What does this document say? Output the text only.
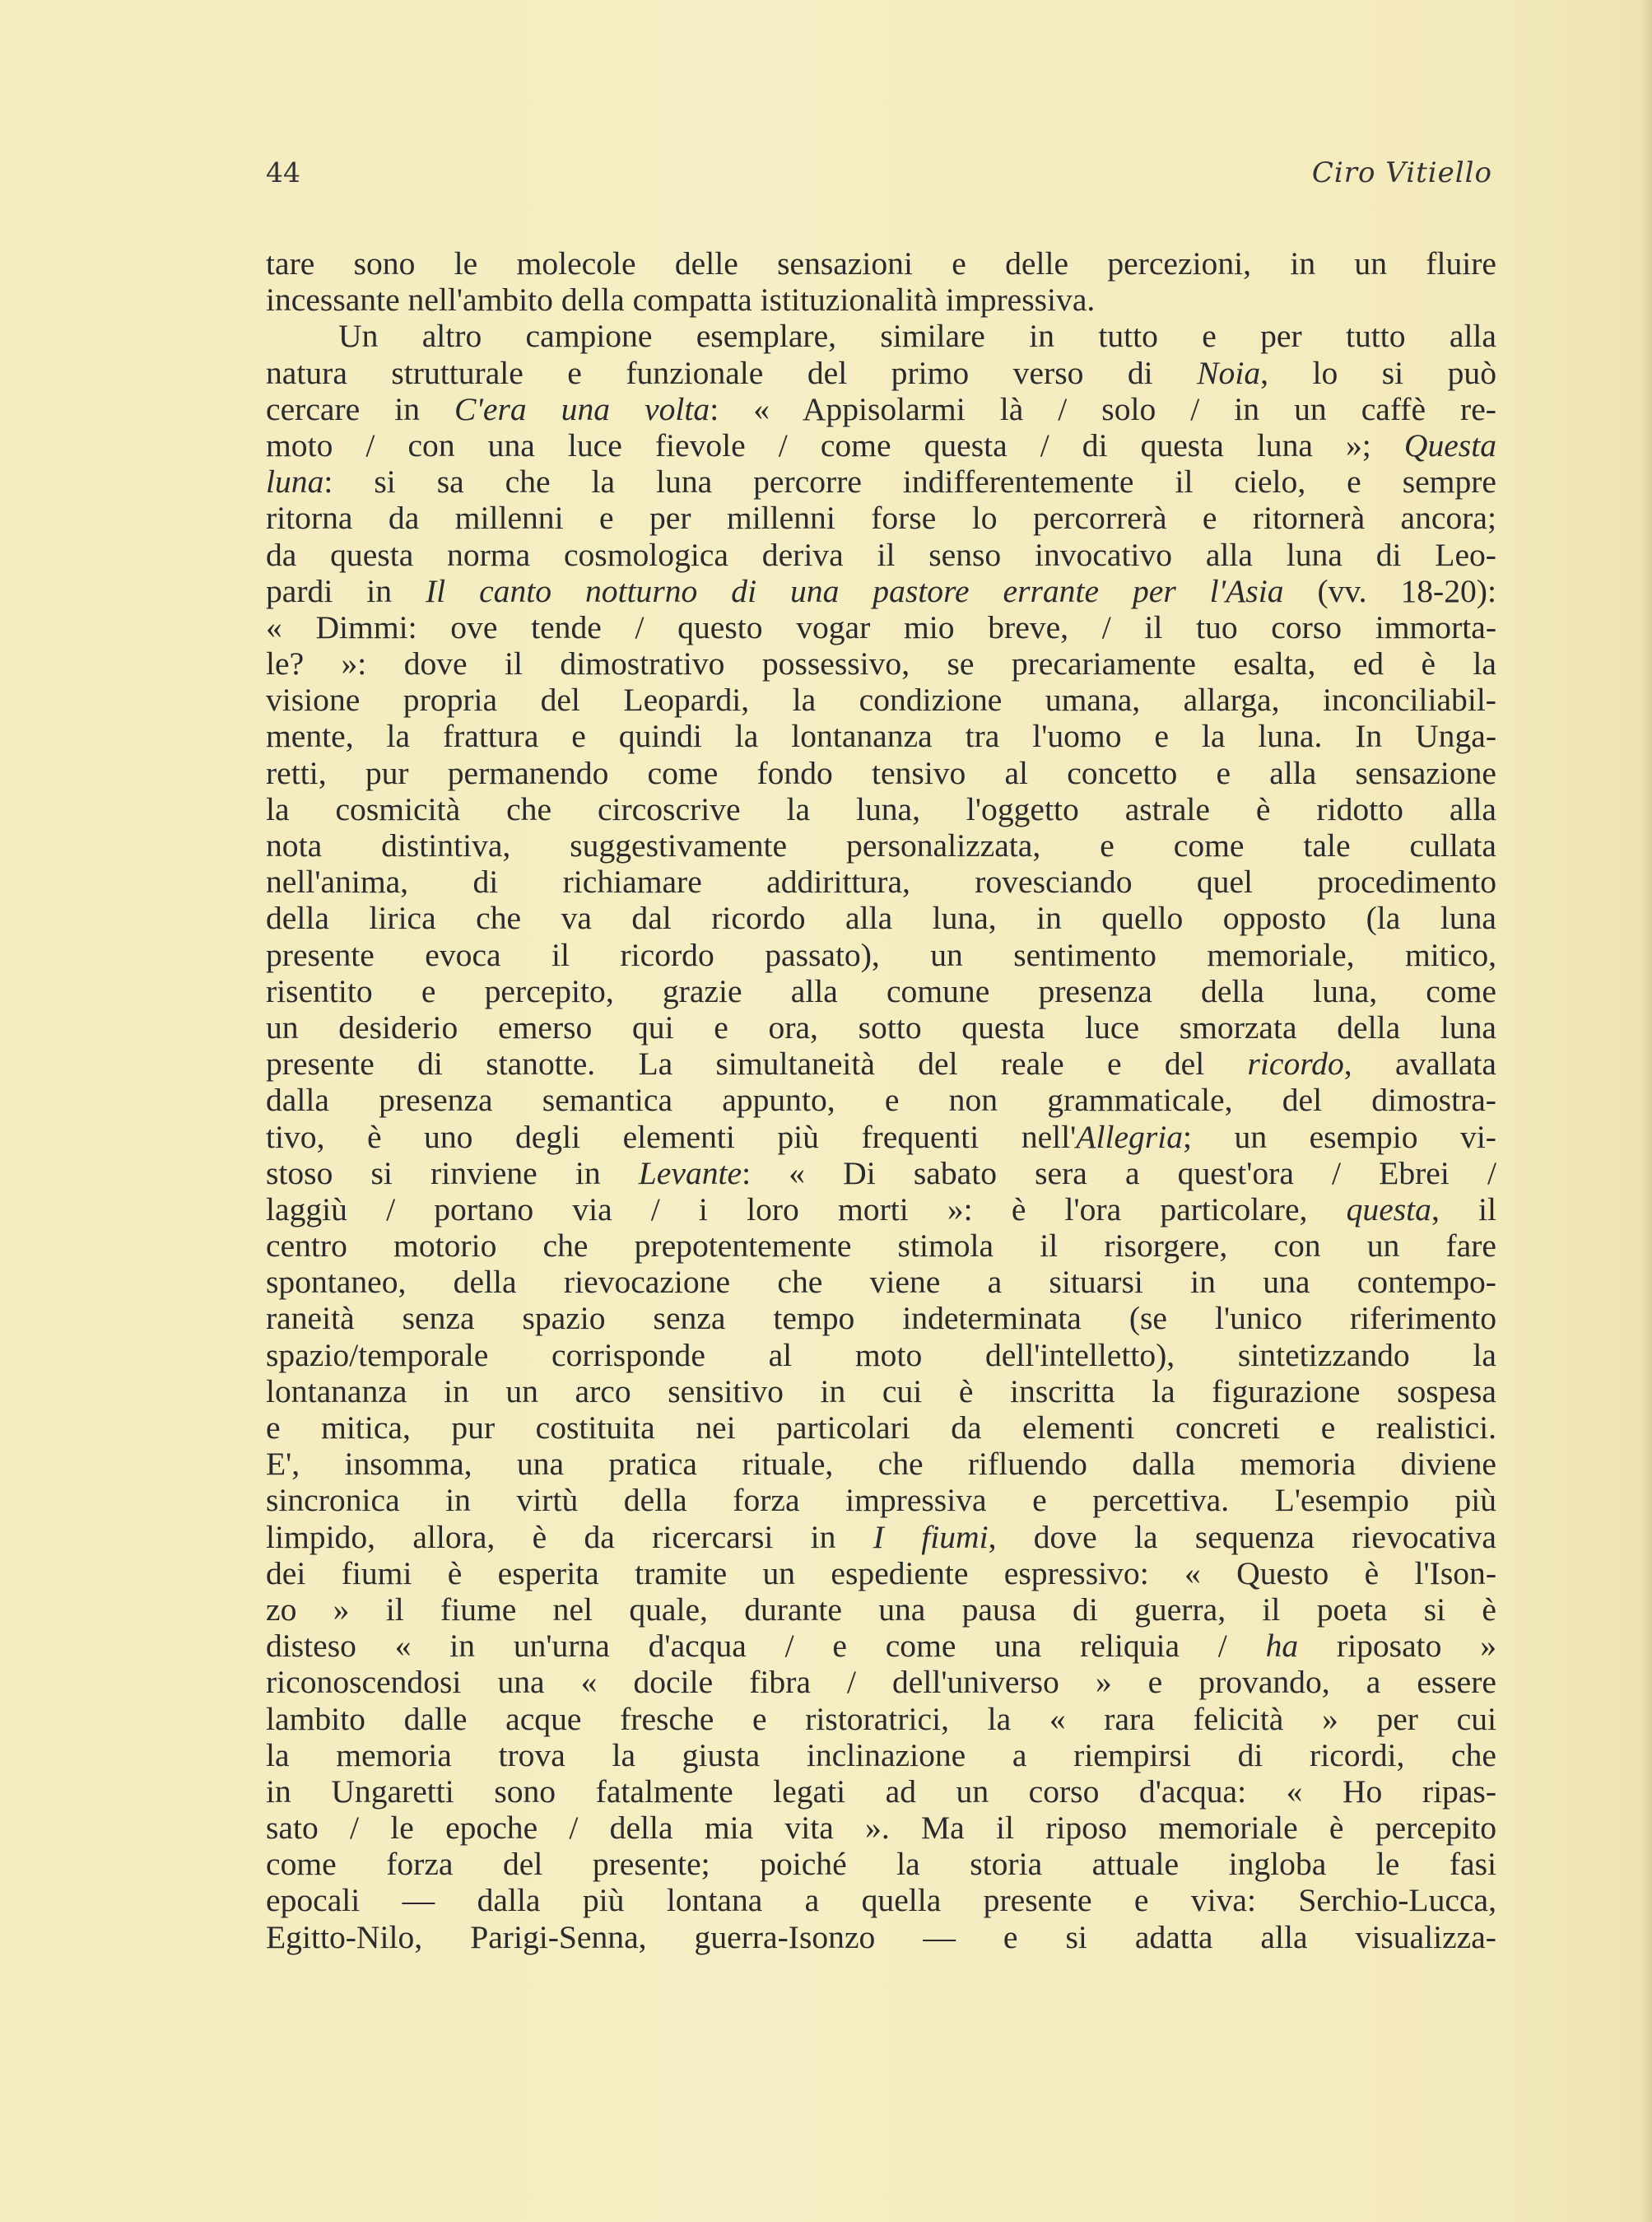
44	Ciro Vitiello
tare sono le molecole delle sensazioni e delle percezioni, in un fluire
incessante nell'ambito della compatta istituzionalità impressiva.
Un altro campione esemplare, similare in tutto e per tutto alla
natura strutturale e funzionale del primo verso di Noia, lo si può
cercare in C'era una volta: « Appisolarmi là / solo / in un caffè re-
moto / con una luce fievole / come questa / di questa luna »; Questa
luna: si sa che la luna percorre indifferentemente il cielo, e sempre
ritorna da millenni e per millenni forse lo percorrerà e ritornerà ancora;
da questa norma cosmologica deriva il senso invocativo alla luna di Leo-
pardi in Il canto notturno di una pastore errante per l'Asia (vv. 18-20):
« Dimmi: ove tende / questo vogar mio breve, / il tuo corso immorta-
le? »: dove il dimostrativo possessivo, se precariamente esalta, ed è la
visione propria del Leopardi, la condizione umana, allarga, inconciliabil-
mente, la frattura e quindi la lontananza tra l'uomo e la luna. In Unga-
retti, pur permanendo come fondo tensivo al concetto e alla sensazione
la cosmicità che circoscrive la luna, l'oggetto astrale è ridotto alla
nota distintiva, suggestivamente personalizzata, e come tale cullata
nell'anima, di richiamare addirittura, rovesciando quel procedimento
della lirica che va dal ricordo alla luna, in quello opposto (la luna
presente evoca il ricordo passato), un sentimento memoriale, mitico,
risentito e percepito, grazie alla comune presenza della luna, come
un desiderio emerso qui e ora, sotto questa luce smorzata della luna
presente di stanotte. La simultaneità del reale e del ricordo, avallata
dalla presenza semantica appunto, e non grammaticale, del dimostra-
tivo, è uno degli elementi più frequenti nell'Allegria; un esempio vi-
stoso si rinviene in Levante: « Di sabato sera a quest'ora / Ebrei /
laggiù / portano via / i loro morti »: è l'ora particolare, questa, il
centro motorio che prepotentemente stimola il risorgere, con un fare
spontaneo, della rievocazione che viene a situarsi in una contempo-
raneità senza spazio senza tempo indeterminata (se l'unico riferimento
spazio/temporale corrisponde al moto dell'intelletto), sintetizzando la
lontananza in un arco sensitivo in cui è inscritta la figurazione sospesa
e mitica, pur costituita nei particolari da elementi concreti e realistici.
E', insomma, una pratica rituale, che rifluendo dalla memoria diviene
sincronica in virtù della forza impressiva e percettiva. L'esempio più
limpido, allora, è da ricercarsi in I fiumi, dove la sequenza rievocativa
dei fiumi è esperita tramite un espediente espressivo: « Questo è l'Ison-
zo » il fiume nel quale, durante una pausa di guerra, il poeta si è
disteso « in un'urna d'acqua / e come una reliquia / ha riposato »
riconoscendosi una « docile fibra / dell'universo » e provando, a essere
lambito dalle acque fresche e ristoratrici, la « rara felicità » per cui
la memoria trova la giusta inclinazione a riempirsi di ricordi, che
in Ungaretti sono fatalmente legati ad un corso d'acqua: « Ho ripas-
sato / le epoche / della mia vita ». Ma il riposo memoriale è percepito
come forza del presente; poiché la storia attuale ingloba le fasi
epocali — dalla più lontana a quella presente e viva: Serchio-Lucca,
Egitto-Nilo, Parigi-Senna, guerra-Isonzo — e si adatta alla visualizza-
